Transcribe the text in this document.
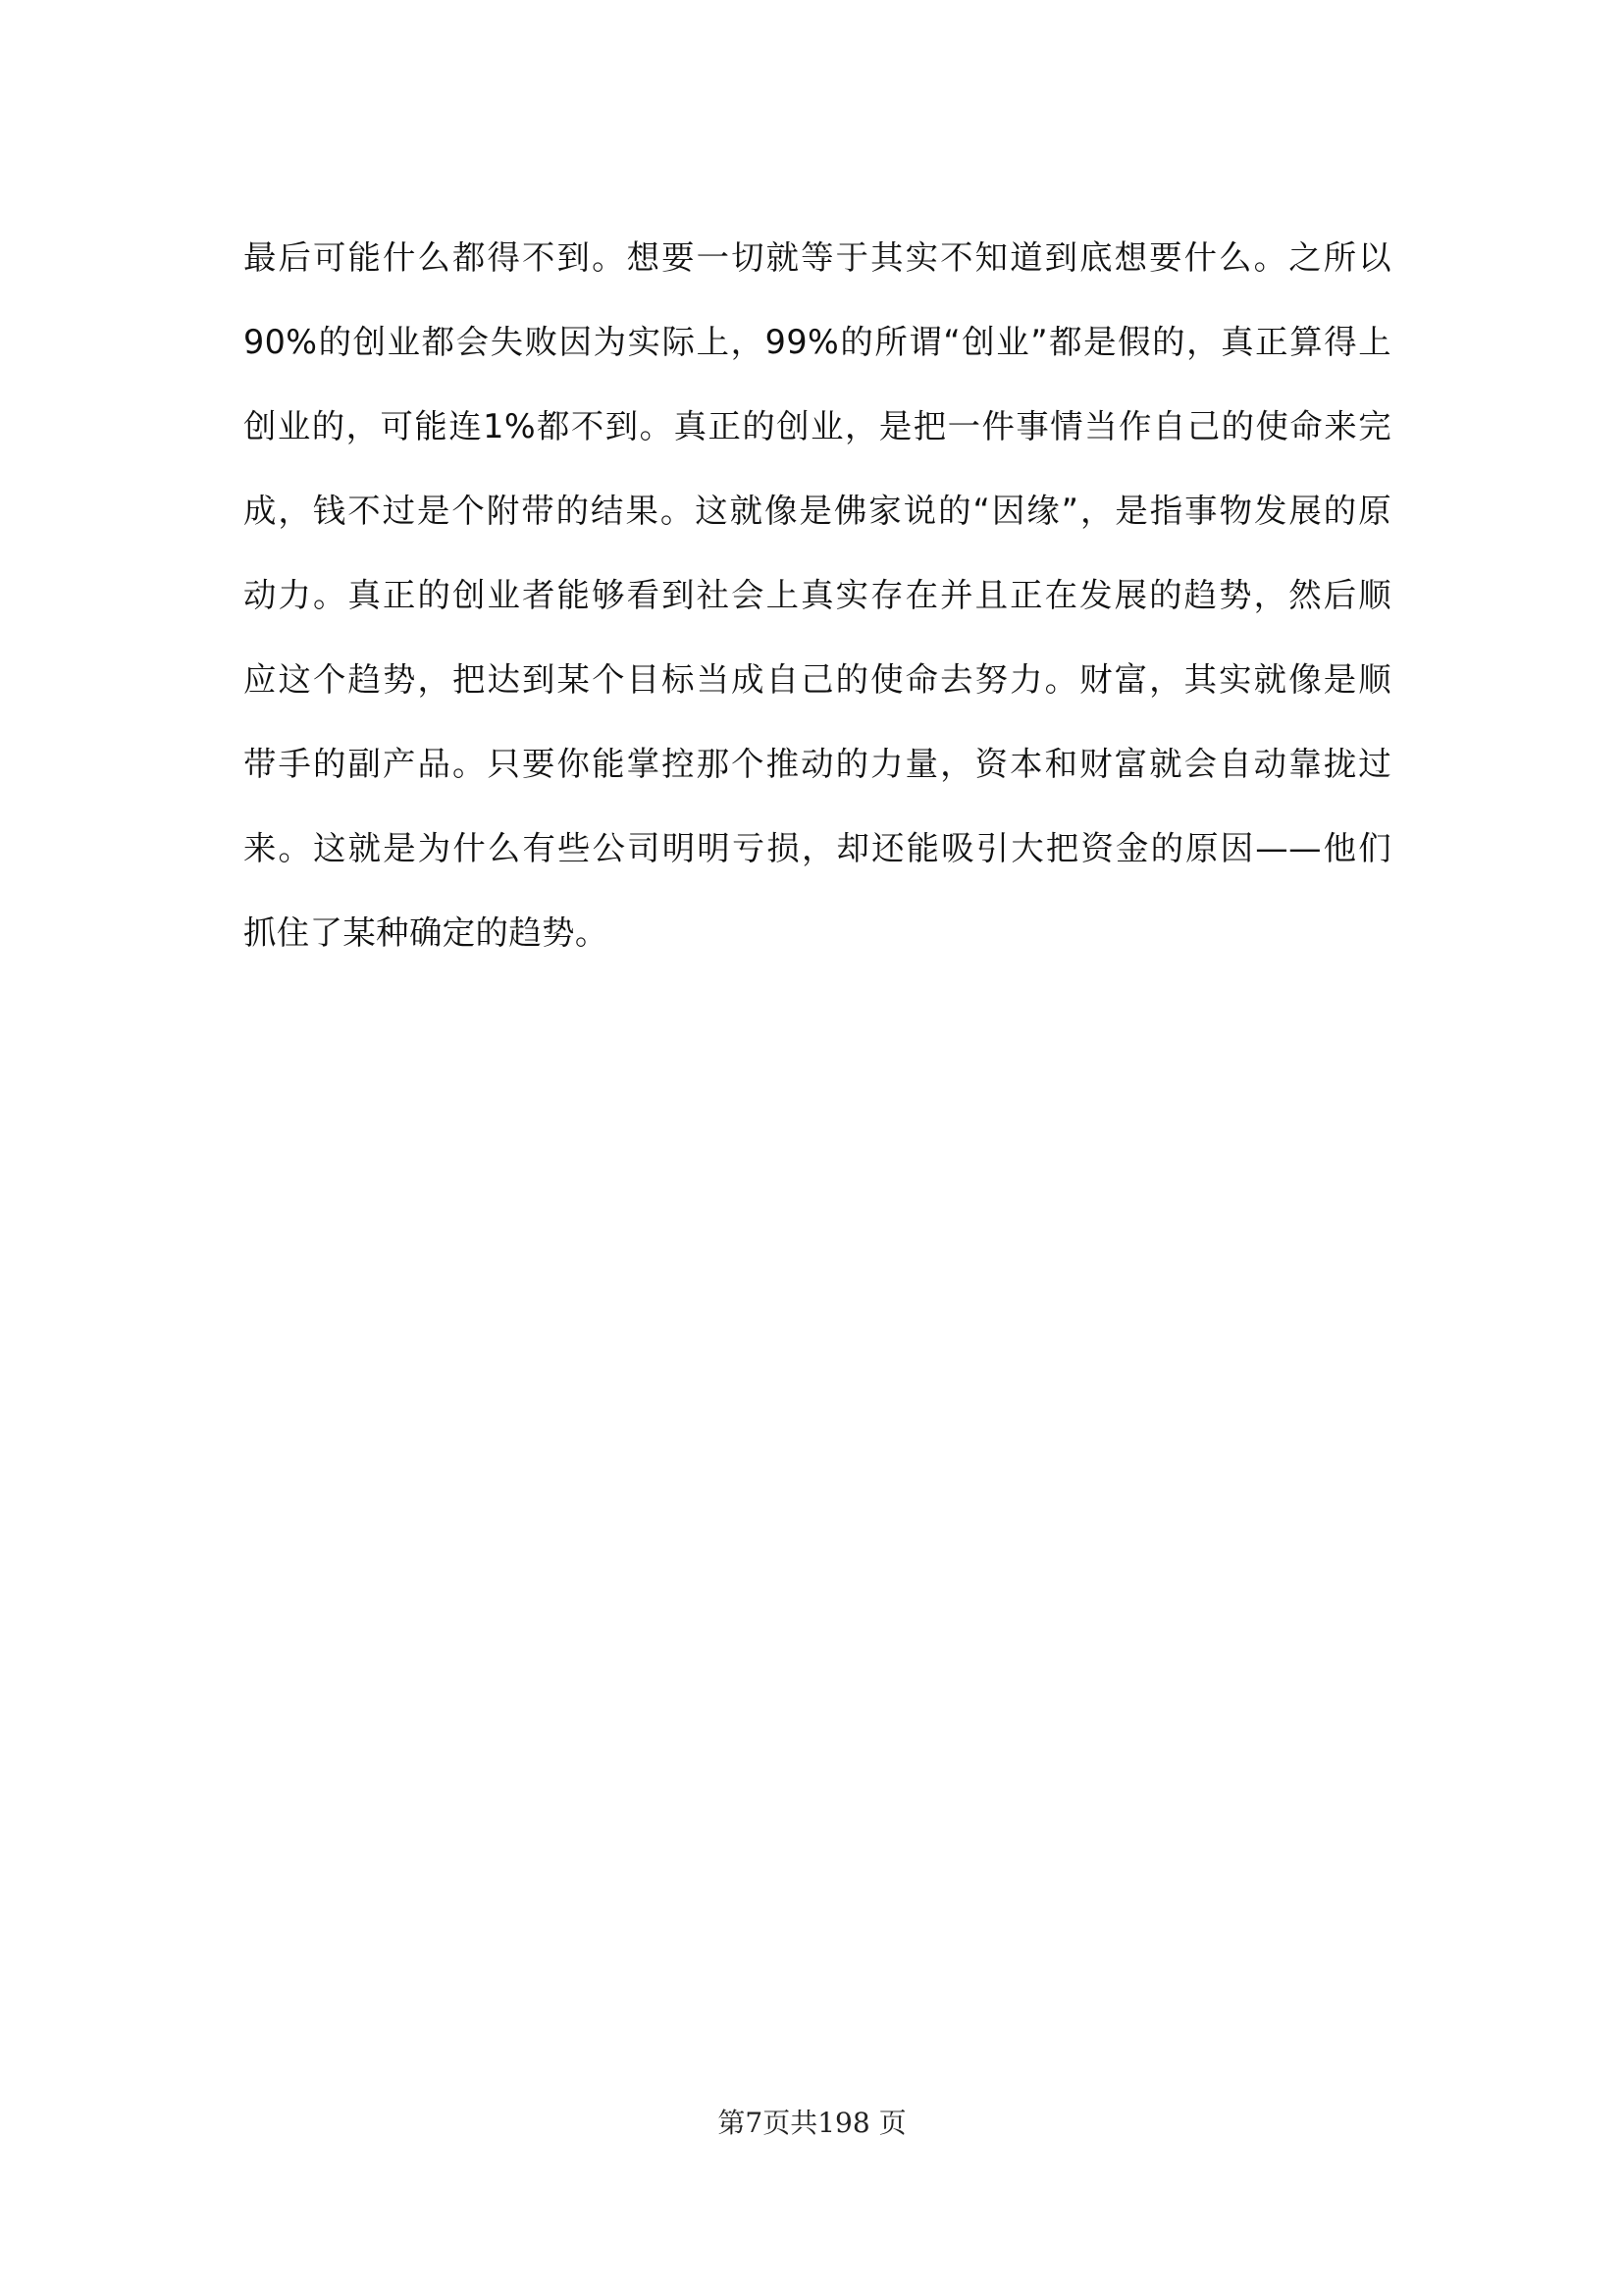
最后可能什么都得不到。想要一切就等于其实不知道到底想要什么。之所以
90%的创业都会失败因为实际上，99%的所谓“创业”都是假的，真正算得上
创业的，可能连1%都不到。真正的创业，是把一件事情当作自己的使命来完
成，钱不过是个附带的结果。这就像是佛家说的“因缘”，是指事物发展的原
动力。真正的创业者能够看到社会上真实存在并且正在发展的趋势，然后顺
应这个趋势，把达到某个目标当成自己的使命去努力。财富，其实就像是顺
带手的副产品。只要你能掌控那个推动的力量，资本和财富就会自动靠拢过
来。这就是为什么有些公司明明亏损，却还能吸引大把资金的原因——他们
抓住了某种确定的趋势。
第7页共198 页
